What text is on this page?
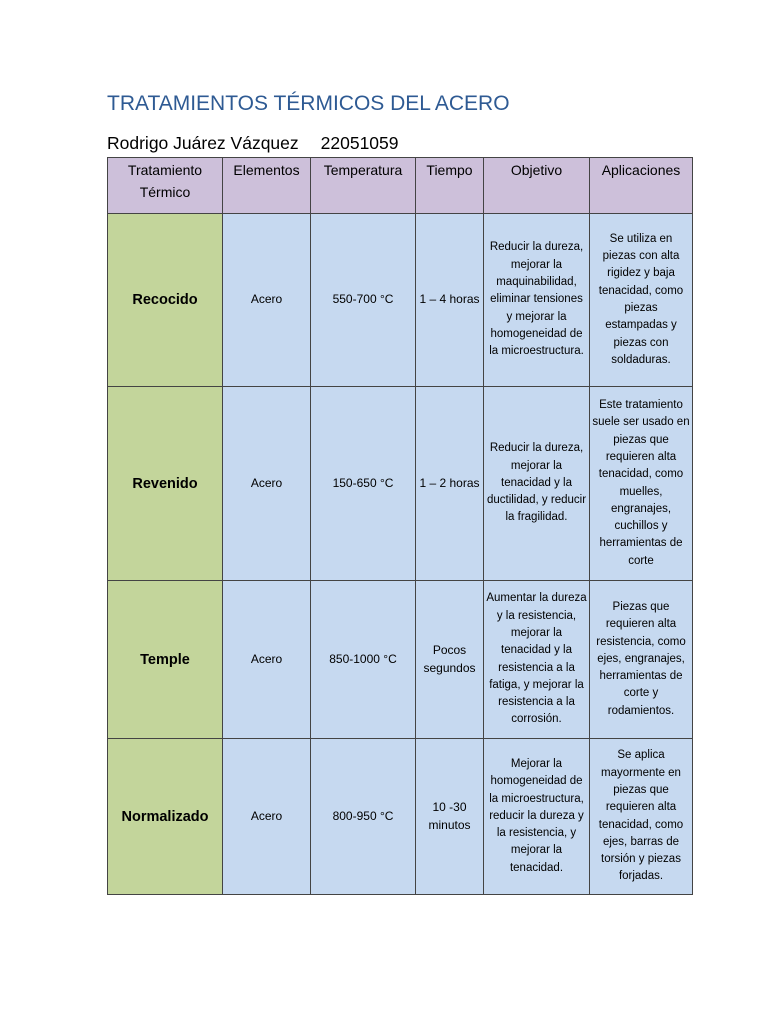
TRATAMIENTOS TÉRMICOS DEL ACERO
Rodrigo Juárez Vázquez 22051059
Tratamiento Térmico	Elementos	Temperatura	Tiempo	Objetivo	Aplicaciones
Recocido	Acero	550-700 °C	1 – 4 horas	Reducir la dureza, mejorar la maquinabilidad, eliminar tensiones y mejorar la homogeneidad de la microestructura.	Se utiliza en piezas con alta rigidez y baja tenacidad, como piezas estampadas y piezas con soldaduras.
Revenido	Acero	150-650 °C	1 – 2 horas	Reducir la dureza, mejorar la tenacidad y la ductilidad, y reducir la fragilidad.	Este tratamiento suele ser usado en piezas que requieren alta tenacidad, como muelles, engranajes, cuchillos y herramientas de corte
Temple	Acero	850-1000 °C	Pocos segundos	Aumentar la dureza y la resistencia, mejorar la tenacidad y la resistencia a la fatiga, y mejorar la resistencia a la corrosión.	Piezas que requieren alta resistencia, como ejes, engranajes, herramientas de corte y rodamientos.
Normalizado	Acero	800-950 °C	10 -30 minutos	Mejorar la homogeneidad de la microestructura, reducir la dureza y la resistencia, y mejorar la tenacidad.	Se aplica mayormente en piezas que requieren alta tenacidad, como ejes, barras de torsión y piezas forjadas.
